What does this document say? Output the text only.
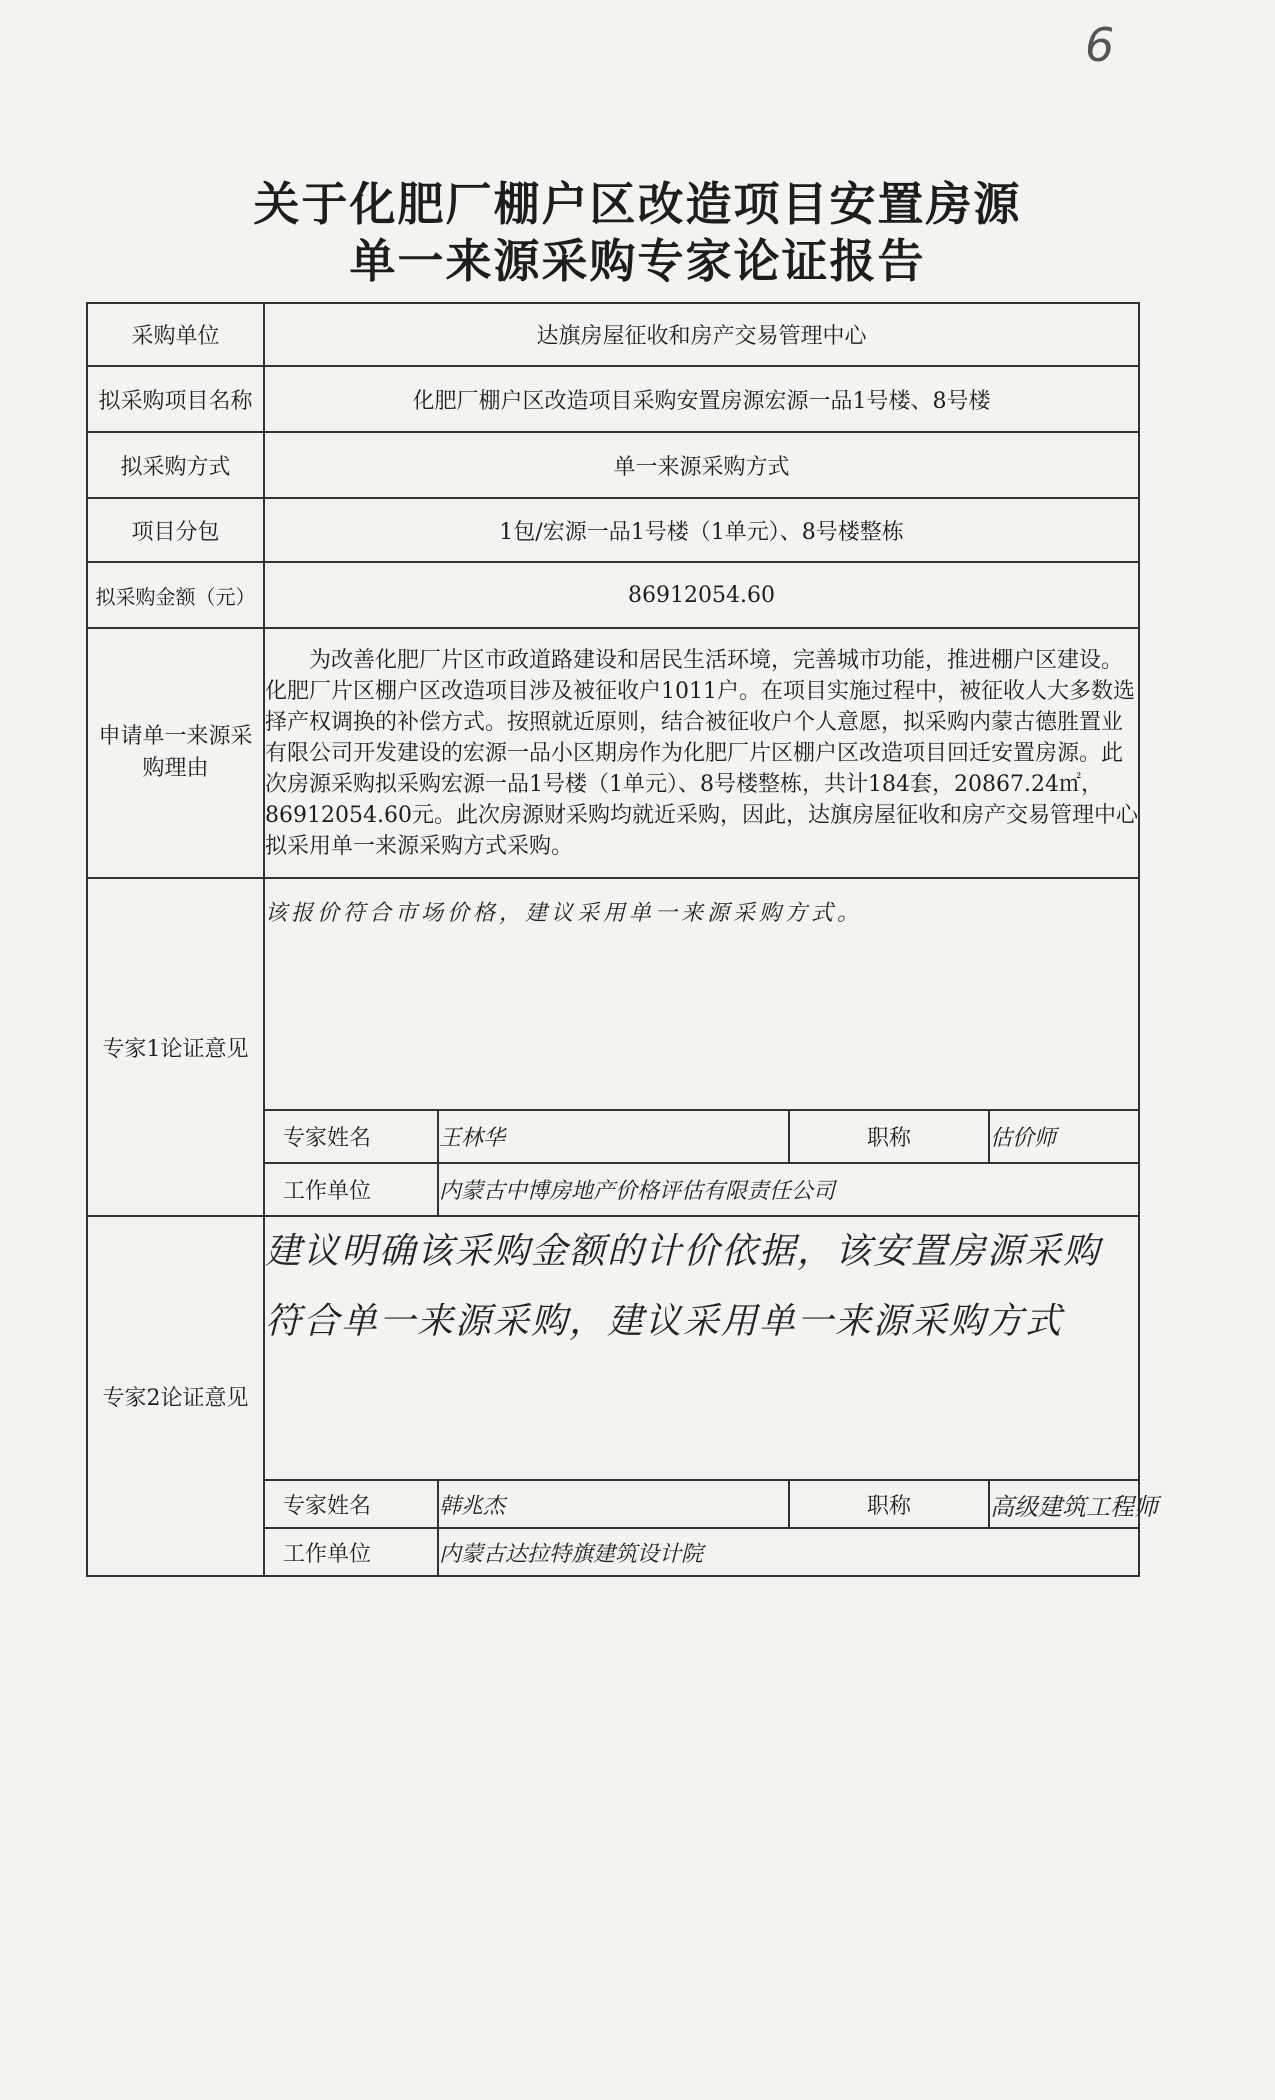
6
关于化肥厂棚户区改造项目安置房源
单一来源采购专家论证报告
采购单位	达旗房屋征收和房产交易管理中心			
拟采购项目名称	化肥厂棚户区改造项目采购安置房源宏源一品1号楼、8号楼			
拟采购方式	单一来源采购方式			
项目分包	1包/宏源一品1号楼（1单元）、8号楼整栋			
拟采购金额（元）	86912054.60			
申请单一来源采购理由	为改善化肥厂片区市政道路建设和居民生活环境，完善城市功能，推进棚户区建设。化肥厂片区棚户区改造项目涉及被征收户1011户。在项目实施过程中，被征收人大多数选择产权调换的补偿方式。按照就近原则，结合被征收户个人意愿，拟采购内蒙古德胜置业有限公司开发建设的宏源一品小区期房作为化肥厂片区棚户区改造项目回迁安置房源。此次房源采购拟采购宏源一品1号楼（1单元）、8号楼整栋，共计184套，20867.24㎡，86912054.60元。此次房源财采购均就近采购，因此，达旗房屋征收和房产交易管理中心拟采用单一来源采购方式采购。			
专家1论证意见	该报价符合市场价格，建议采用单一来源采购方式。			
	专家姓名	王林华	职称	估价师
	工作单位	内蒙古中博房地产价格评估有限责任公司		
专家2论证意见	建议明确该采购金额的计价依据，该安置房源采购符合单一来源采购，建议采用单一来源采购方式			
	专家姓名	韩兆杰	职称	高级建筑工程师
	工作单位	内蒙古达拉特旗建筑设计院		
